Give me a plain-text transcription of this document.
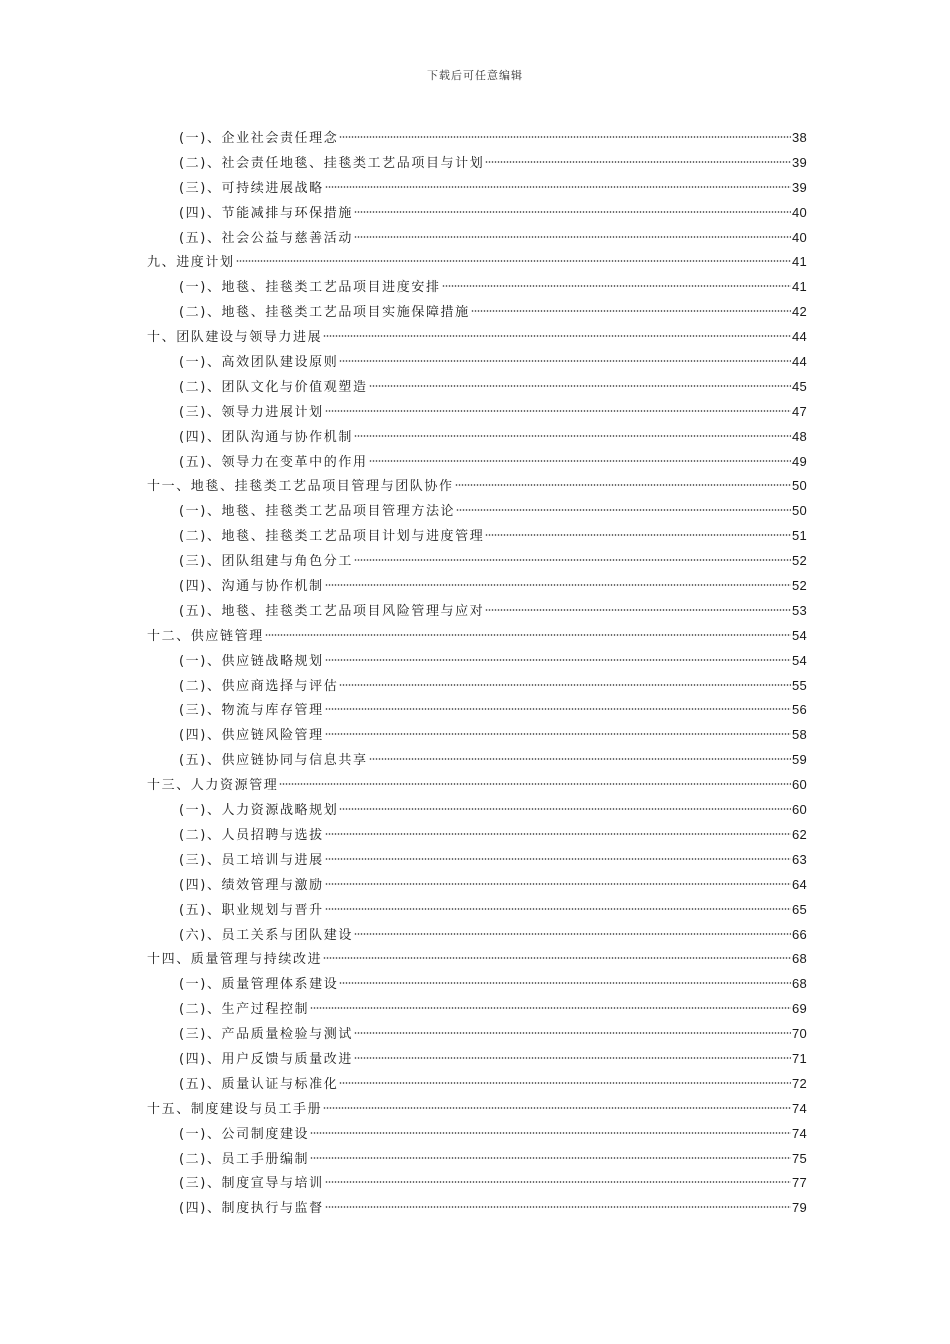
下载后可任意编辑
(一)、企业社会责任理念	38
(二)、社会责任地毯、挂毯类工艺品项目与计划	39
(三)、可持续进展战略	39
(四)、节能减排与环保措施	40
(五)、社会公益与慈善活动	40
九、进度计划	41
(一)、地毯、挂毯类工艺品项目进度安排	41
(二)、地毯、挂毯类工艺品项目实施保障措施	42
十、团队建设与领导力进展	44
(一)、高效团队建设原则	44
(二)、团队文化与价值观塑造	45
(三)、领导力进展计划	47
(四)、团队沟通与协作机制	48
(五)、领导力在变革中的作用	49
十一、地毯、挂毯类工艺品项目管理与团队协作	50
(一)、地毯、挂毯类工艺品项目管理方法论	50
(二)、地毯、挂毯类工艺品项目计划与进度管理	51
(三)、团队组建与角色分工	52
(四)、沟通与协作机制	52
(五)、地毯、挂毯类工艺品项目风险管理与应对	53
十二、供应链管理	54
(一)、供应链战略规划	54
(二)、供应商选择与评估	55
(三)、物流与库存管理	56
(四)、供应链风险管理	58
(五)、供应链协同与信息共享	59
十三、人力资源管理	60
(一)、人力资源战略规划	60
(二)、人员招聘与选拔	62
(三)、员工培训与进展	63
(四)、绩效管理与激励	64
(五)、职业规划与晋升	65
(六)、员工关系与团队建设	66
十四、质量管理与持续改进	68
(一)、质量管理体系建设	68
(二)、生产过程控制	69
(三)、产品质量检验与测试	70
(四)、用户反馈与质量改进	71
(五)、质量认证与标准化	72
十五、制度建设与员工手册	74
(一)、公司制度建设	74
(二)、员工手册编制	75
(三)、制度宣导与培训	77
(四)、制度执行与监督	79
